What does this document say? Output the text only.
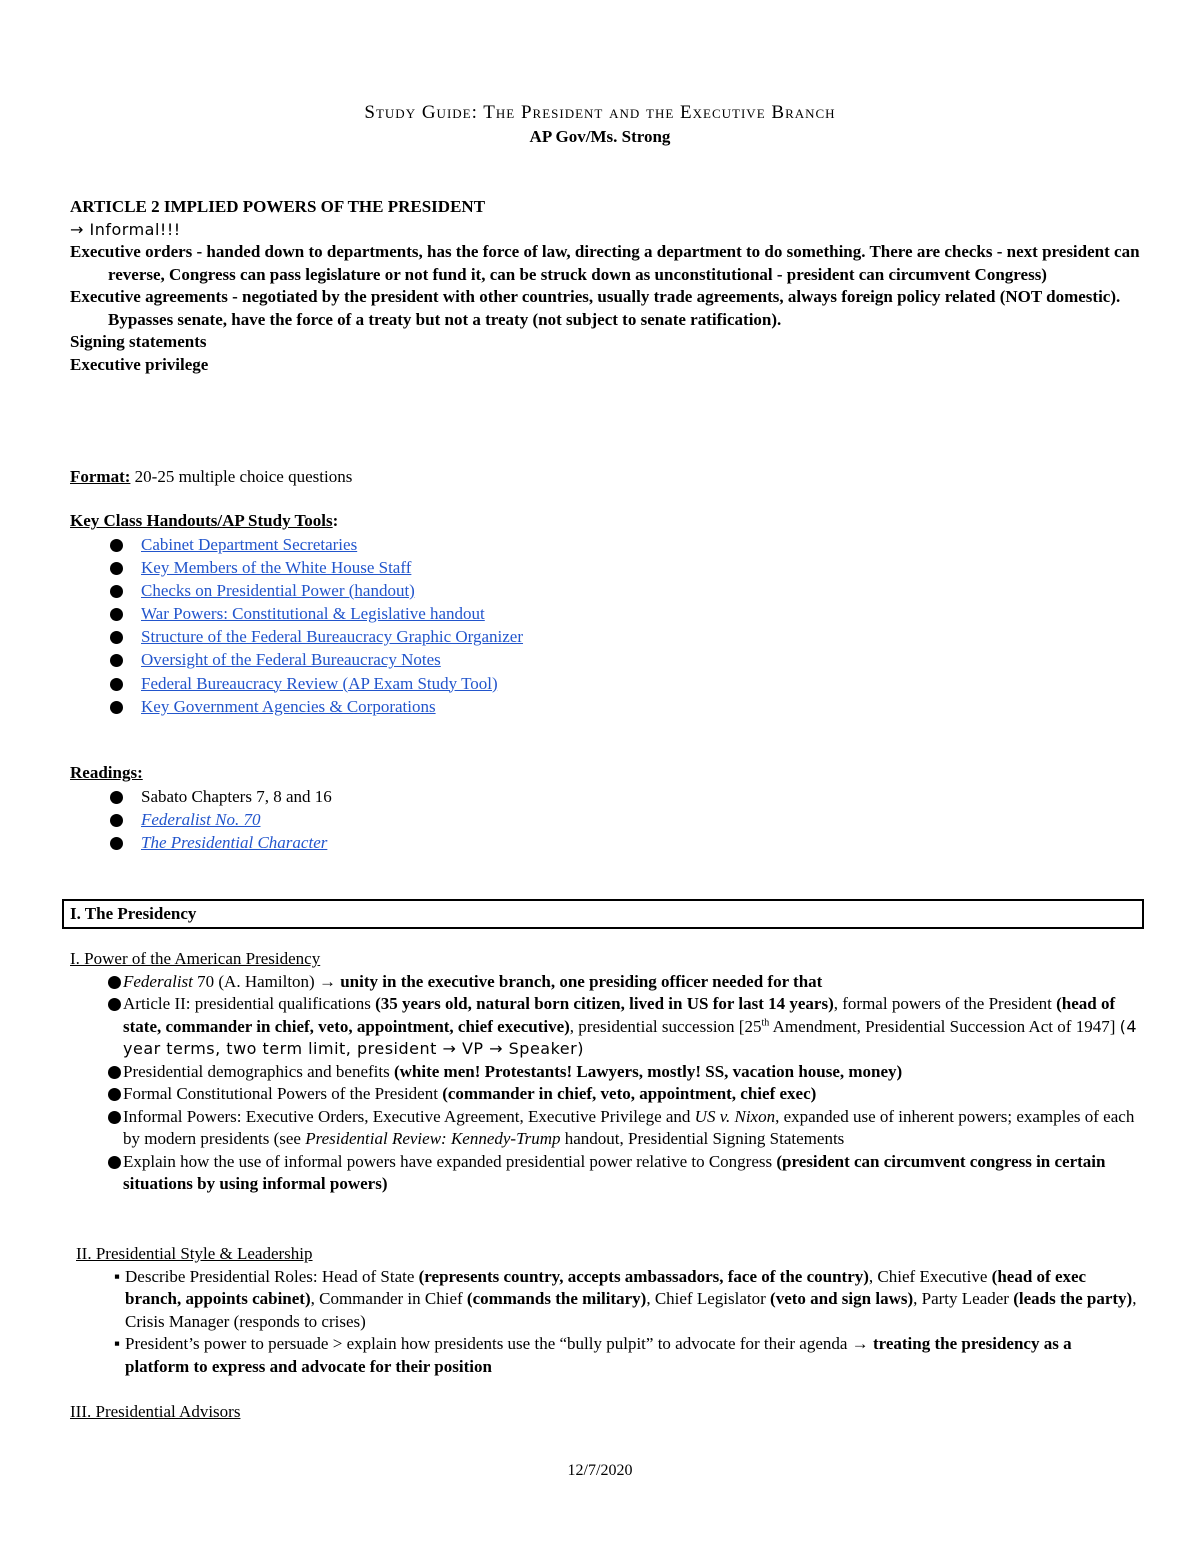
Study Guide: The President and the Executive Branch
AP Gov/Ms. Strong
ARTICLE 2 IMPLIED POWERS OF THE PRESIDENT
→ Informal!!!
Executive orders - handed down to departments, has the force of law, directing a department to do something. There are checks - next president can reverse, Congress can pass legislature or not fund it, can be struck down as unconstitutional - president can circumvent Congress)
Executive agreements - negotiated by the president with other countries, usually trade agreements, always foreign policy related (NOT domestic). Bypasses senate, have the force of a treaty but not a treaty (not subject to senate ratification).
Signing statements
Executive privilege
Format: 20-25 multiple choice questions
Key Class Handouts/AP Study Tools:
Cabinet Department Secretaries
Key Members of the White House Staff
Checks on Presidential Power (handout)
War Powers: Constitutional & Legislative handout
Structure of the Federal Bureaucracy Graphic Organizer
Oversight of the Federal Bureaucracy Notes
Federal Bureaucracy Review (AP Exam Study Tool)
Key Government Agencies & Corporations
Readings:
Sabato Chapters 7, 8 and 16
Federalist No. 70
The Presidential Character
I. The Presidency
I. Power of the American Presidency
Federalist 70 (A. Hamilton) → unity in the executive branch, one presiding officer needed for that
Article II: presidential qualifications (35 years old, natural born citizen, lived in US for last 14 years), formal powers of the President (head of state, commander in chief, veto, appointment, chief executive), presidential succession [25th Amendment, Presidential Succession Act of 1947] (4 year terms, two term limit, president → VP → Speaker)
Presidential demographics and benefits (white men! Protestants! Lawyers, mostly! SS, vacation house, money)
Formal Constitutional Powers of the President (commander in chief, veto, appointment, chief exec)
Informal Powers: Executive Orders, Executive Agreement, Executive Privilege and US v. Nixon, expanded use of inherent powers; examples of each by modern presidents (see Presidential Review: Kennedy-Trump handout, Presidential Signing Statements
Explain how the use of informal powers have expanded presidential power relative to Congress (president can circumvent congress in certain situations by using informal powers)
II. Presidential Style & Leadership
▪ Describe Presidential Roles: Head of State (represents country, accepts ambassadors, face of the country), Chief Executive (head of exec branch, appoints cabinet), Commander in Chief (commands the military), Chief Legislator (veto and sign laws), Party Leader (leads the party), Crisis Manager (responds to crises)
▪ President’s power to persuade > explain how presidents use the “bully pulpit” to advocate for their agenda → treating the presidency as a platform to express and advocate for their position
III. Presidential Advisors
12/7/2020
